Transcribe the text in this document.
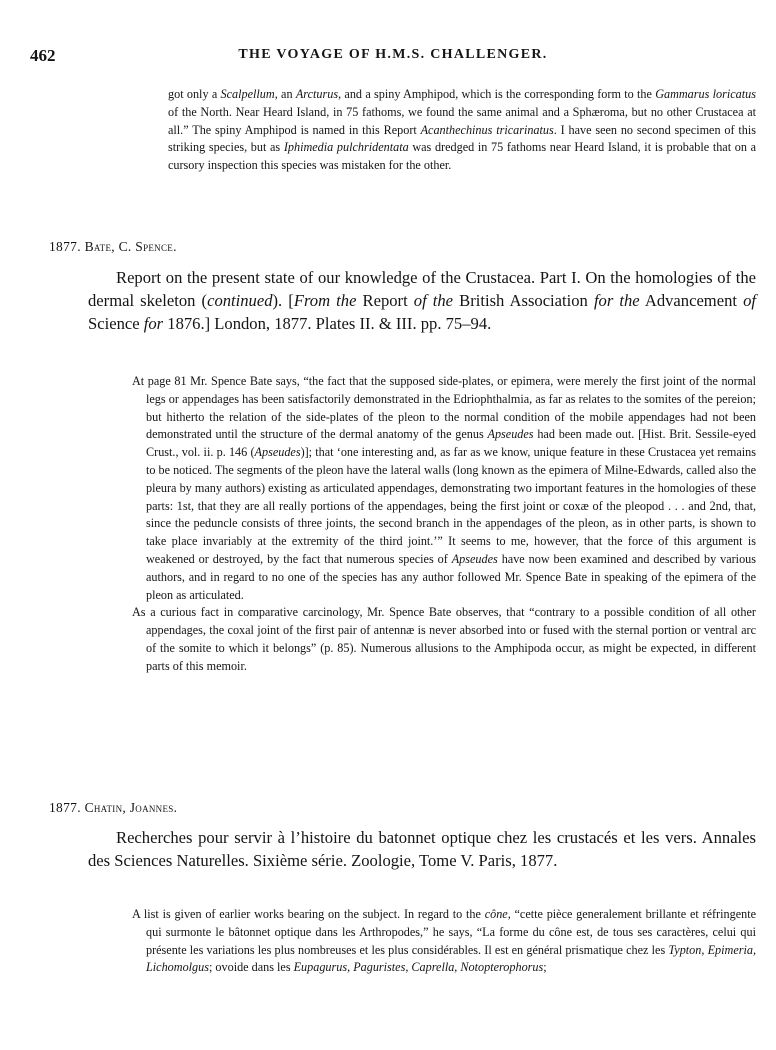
462	THE VOYAGE OF H.M.S. CHALLENGER.

got only a Scalpellum, an Arcturus, and a spiny Amphipod, which is the corresponding form to the Gammarus loricatus of the North. Near Heard Island, in 75 fathoms, we found the same animal and a Sphæroma, but no other Crustacea at all.” The spiny Amphipod is named in this Report Acanthechinus tricarinatus. I have seen no second specimen of this striking species, but as Iphimedia pulchridentata was dredged in 75 fathoms near Heard Island, it is probable that on a cursory inspection this species was mistaken for the other.

1877. Bate, C. Spence.

Report on the present state of our knowledge of the Crustacea. Part I. On the homologies of the dermal skeleton (continued). [From the Report of the British Association for the Advancement of Science for 1876.] London, 1877. Plates II. & III. pp. 75–94.

At page 81 Mr. Spence Bate says, “the fact that the supposed side-plates, or epimera, were merely the first joint of the normal legs or appendages has been satisfactorily demonstrated in the Edriophthalmia, as far as relates to the somites of the pereion; but hitherto the relation of the side-plates of the pleon to the normal condition of the mobile appendages had not been demonstrated until the structure of the dermal anatomy of the genus Apseudes had been made out. [Hist. Brit. Sessile-eyed Crust., vol. ii. p. 146 (Apseudes)]; that ‘one interesting and, as far as we know, unique feature in these Crustacea yet remains to be noticed. The segments of the pleon have the lateral walls (long known as the epimera of Milne-Edwards, called also the pleura by many authors) existing as articulated appendages, demonstrating two important features in the homologies of these parts: 1st, that they are all really portions of the appendages, being the first joint or coxæ of the pleopod . . . and 2nd, that, since the peduncle consists of three joints, the second branch in the appendages of the pleon, as in other parts, is shown to take place invariably at the extremity of the third joint.’” It seems to me, however, that the force of this argument is weakened or destroyed, by the fact that numerous species of Apseudes have now been examined and described by various authors, and in regard to no one of the species has any author followed Mr. Spence Bate in speaking of the epimera of the pleon as articulated.

As a curious fact in comparative carcinology, Mr. Spence Bate observes, that “contrary to a possible condition of all other appendages, the coxal joint of the first pair of antennæ is never absorbed into or fused with the sternal portion or ventral arc of the somite to which it belongs” (p. 85). Numerous allusions to the Amphipoda occur, as might be expected, in different parts of this memoir.

1877. Chatin, Joannes.

Recherches pour servir à l’histoire du batonnet optique chez les crustacés et les vers. Annales des Sciences Naturelles. Sixième série. Zoologie, Tome V. Paris, 1877.

A list is given of earlier works bearing on the subject. In regard to the cône, “cette pièce generalement brillante et réfringente qui surmonte le bâtonnet optique dans les Arthropodes,” he says, “La forme du cône est, de tous ses caractères, celui qui présente les variations les plus nombreuses et les plus considérables. Il est en général prismatique chez les Typton, Epimeria, Lichomolgus; ovoide dans les Eupagurus, Paguristes, Caprella, Notopterophorus;
